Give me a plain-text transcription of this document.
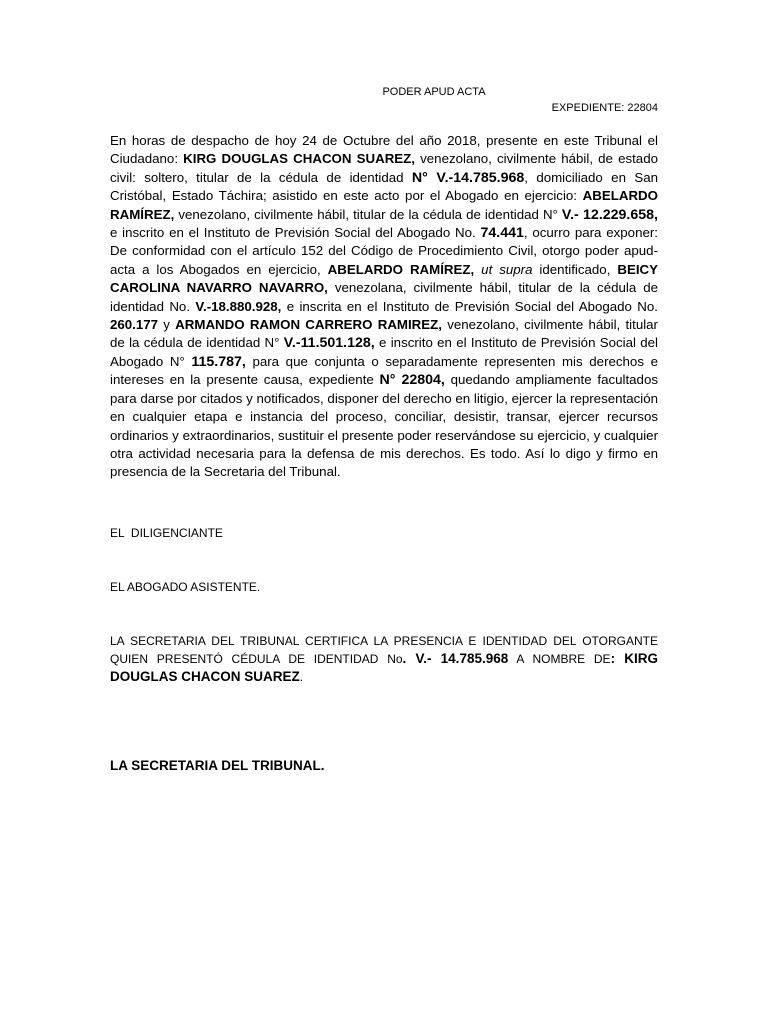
PODER APUD ACTA
EXPEDIENTE: 22804
En horas de despacho de hoy 24 de Octubre del año 2018, presente en este Tribunal el Ciudadano: KIRG DOUGLAS CHACON SUAREZ, venezolano, civilmente hábil, de estado civil: soltero, titular de la cédula de identidad N° V.-14.785.968, domiciliado en San Cristóbal, Estado Táchira; asistido en este acto por el Abogado en ejercicio: ABELARDO RAMÍREZ, venezolano, civilmente hábil, titular de la cédula de identidad N° V.- 12.229.658, e inscrito en el Instituto de Previsión Social del Abogado No. 74.441, ocurro para exponer: De conformidad con el artículo 152 del Código de Procedimiento Civil, otorgo poder apud-acta a los Abogados en ejercicio, ABELARDO RAMÍREZ, ut supra identificado, BEICY CAROLINA NAVARRO NAVARRO, venezolana, civilmente hábil, titular de la cédula de identidad No. V.-18.880.928, e inscrita en el Instituto de Previsión Social del Abogado No. 260.177 y ARMANDO RAMON CARRERO RAMIREZ, venezolano, civilmente hábil, titular de la cédula de identidad N° V.-11.501.128, e inscrito en el Instituto de Previsión Social del Abogado N° 115.787, para que conjunta o separadamente representen mis derechos e intereses en la presente causa, expediente N° 22804, quedando ampliamente facultados para darse por citados y notificados, disponer del derecho en litigio, ejercer la representación en cualquier etapa e instancia del proceso, conciliar, desistir, transar, ejercer recursos ordinarios y extraordinarios, sustituir el presente poder reservándose su ejercicio, y cualquier otra actividad necesaria para la defensa de mis derechos. Es todo. Así lo digo y firmo en presencia de la Secretaria del Tribunal.
EL  DILIGENCIANTE
EL ABOGADO ASISTENTE.
LA SECRETARIA DEL TRIBUNAL CERTIFICA LA PRESENCIA E IDENTIDAD DEL OTORGANTE QUIEN PRESENTÓ CÉDULA DE IDENTIDAD No. V.- 14.785.968 A NOMBRE DE: KIRG DOUGLAS CHACON SUAREZ.
LA SECRETARIA DEL TRIBUNAL.
